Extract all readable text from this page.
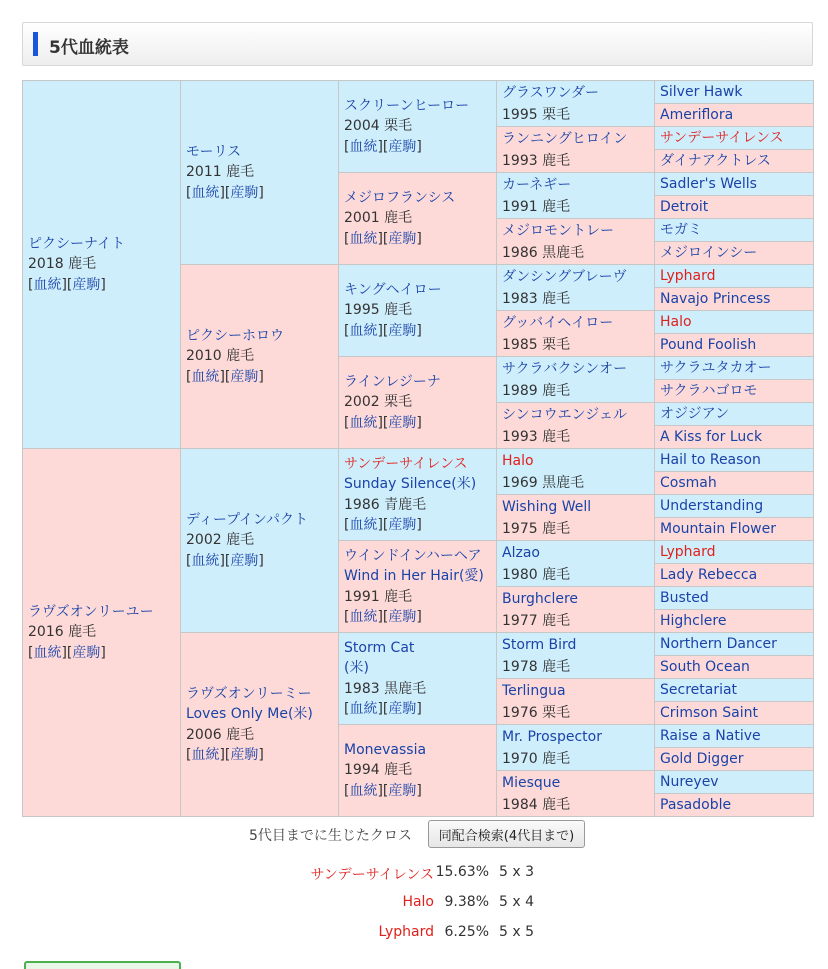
5代血統表
ピクシーナイト
2018 鹿毛
[血統][産駒]	モーリス
2011 鹿毛
[血統][産駒]	スクリーンヒーロー
2004 栗毛
[血統][産駒]	グラスワンダー
1995 栗毛	Silver Hawk

				Ameriflora

			ランニングヒロイン
1993 鹿毛	サンデーサイレンス

				ダイナアクトレス

		メジロフランシス
2001 鹿毛
[血統][産駒]	カーネギー
1991 鹿毛	Sadler's Wells

				Detroit

			メジロモントレー
1986 黒鹿毛	モガミ

				メジロインシー

	ピクシーホロウ
2010 鹿毛
[血統][産駒]	キングヘイロー
1995 鹿毛
[血統][産駒]	ダンシングブレーヴ
1983 鹿毛	Lyphard

				Navajo Princess

			グッバイヘイロー
1985 栗毛	Halo

				Pound Foolish

		ラインレジーナ
2002 栗毛
[血統][産駒]	サクラバクシンオー
1989 鹿毛	サクラユタカオー

				サクラハゴロモ

			シンコウエンジェル
1993 鹿毛	オジジアン

				A Kiss for Luck

ラヴズオンリーユー
2016 鹿毛
[血統][産駒]	ディープインパクト
2002 鹿毛
[血統][産駒]	サンデーサイレンス
Sunday Silence(米)
1986 青鹿毛
[血統][産駒]	Halo
1969 黒鹿毛	Hail to Reason

				Cosmah

			Wishing Well
1975 鹿毛	Understanding

				Mountain Flower

		ウインドインハーヘア
Wind in Her Hair(愛)
1991 鹿毛
[血統][産駒]	Alzao
1980 鹿毛	Lyphard

				Lady Rebecca

			Burghclere
1977 鹿毛	Busted

				Highclere

	ラヴズオンリーミー
Loves Only Me(米)
2006 鹿毛
[血統][産駒]	Storm Cat
(米)
1983 黒鹿毛
[血統][産駒]	Storm Bird
1978 鹿毛	Northern Dancer

				South Ocean

			Terlingua
1976 栗毛	Secretariat

				Crimson Saint

		Monevassia
1994 鹿毛
[血統][産駒]	Mr. Prospector
1970 鹿毛	Raise a Native

				Gold Digger

			Miesque
1984 鹿毛	Nureyev

				Pasadoble
5代目までに生じたクロス	同配合検索(4代目まで)
サンデーサイレンス 15.63% 5 x 3
Halo 9.38% 5 x 4
Lyphard 6.25% 5 x 5
